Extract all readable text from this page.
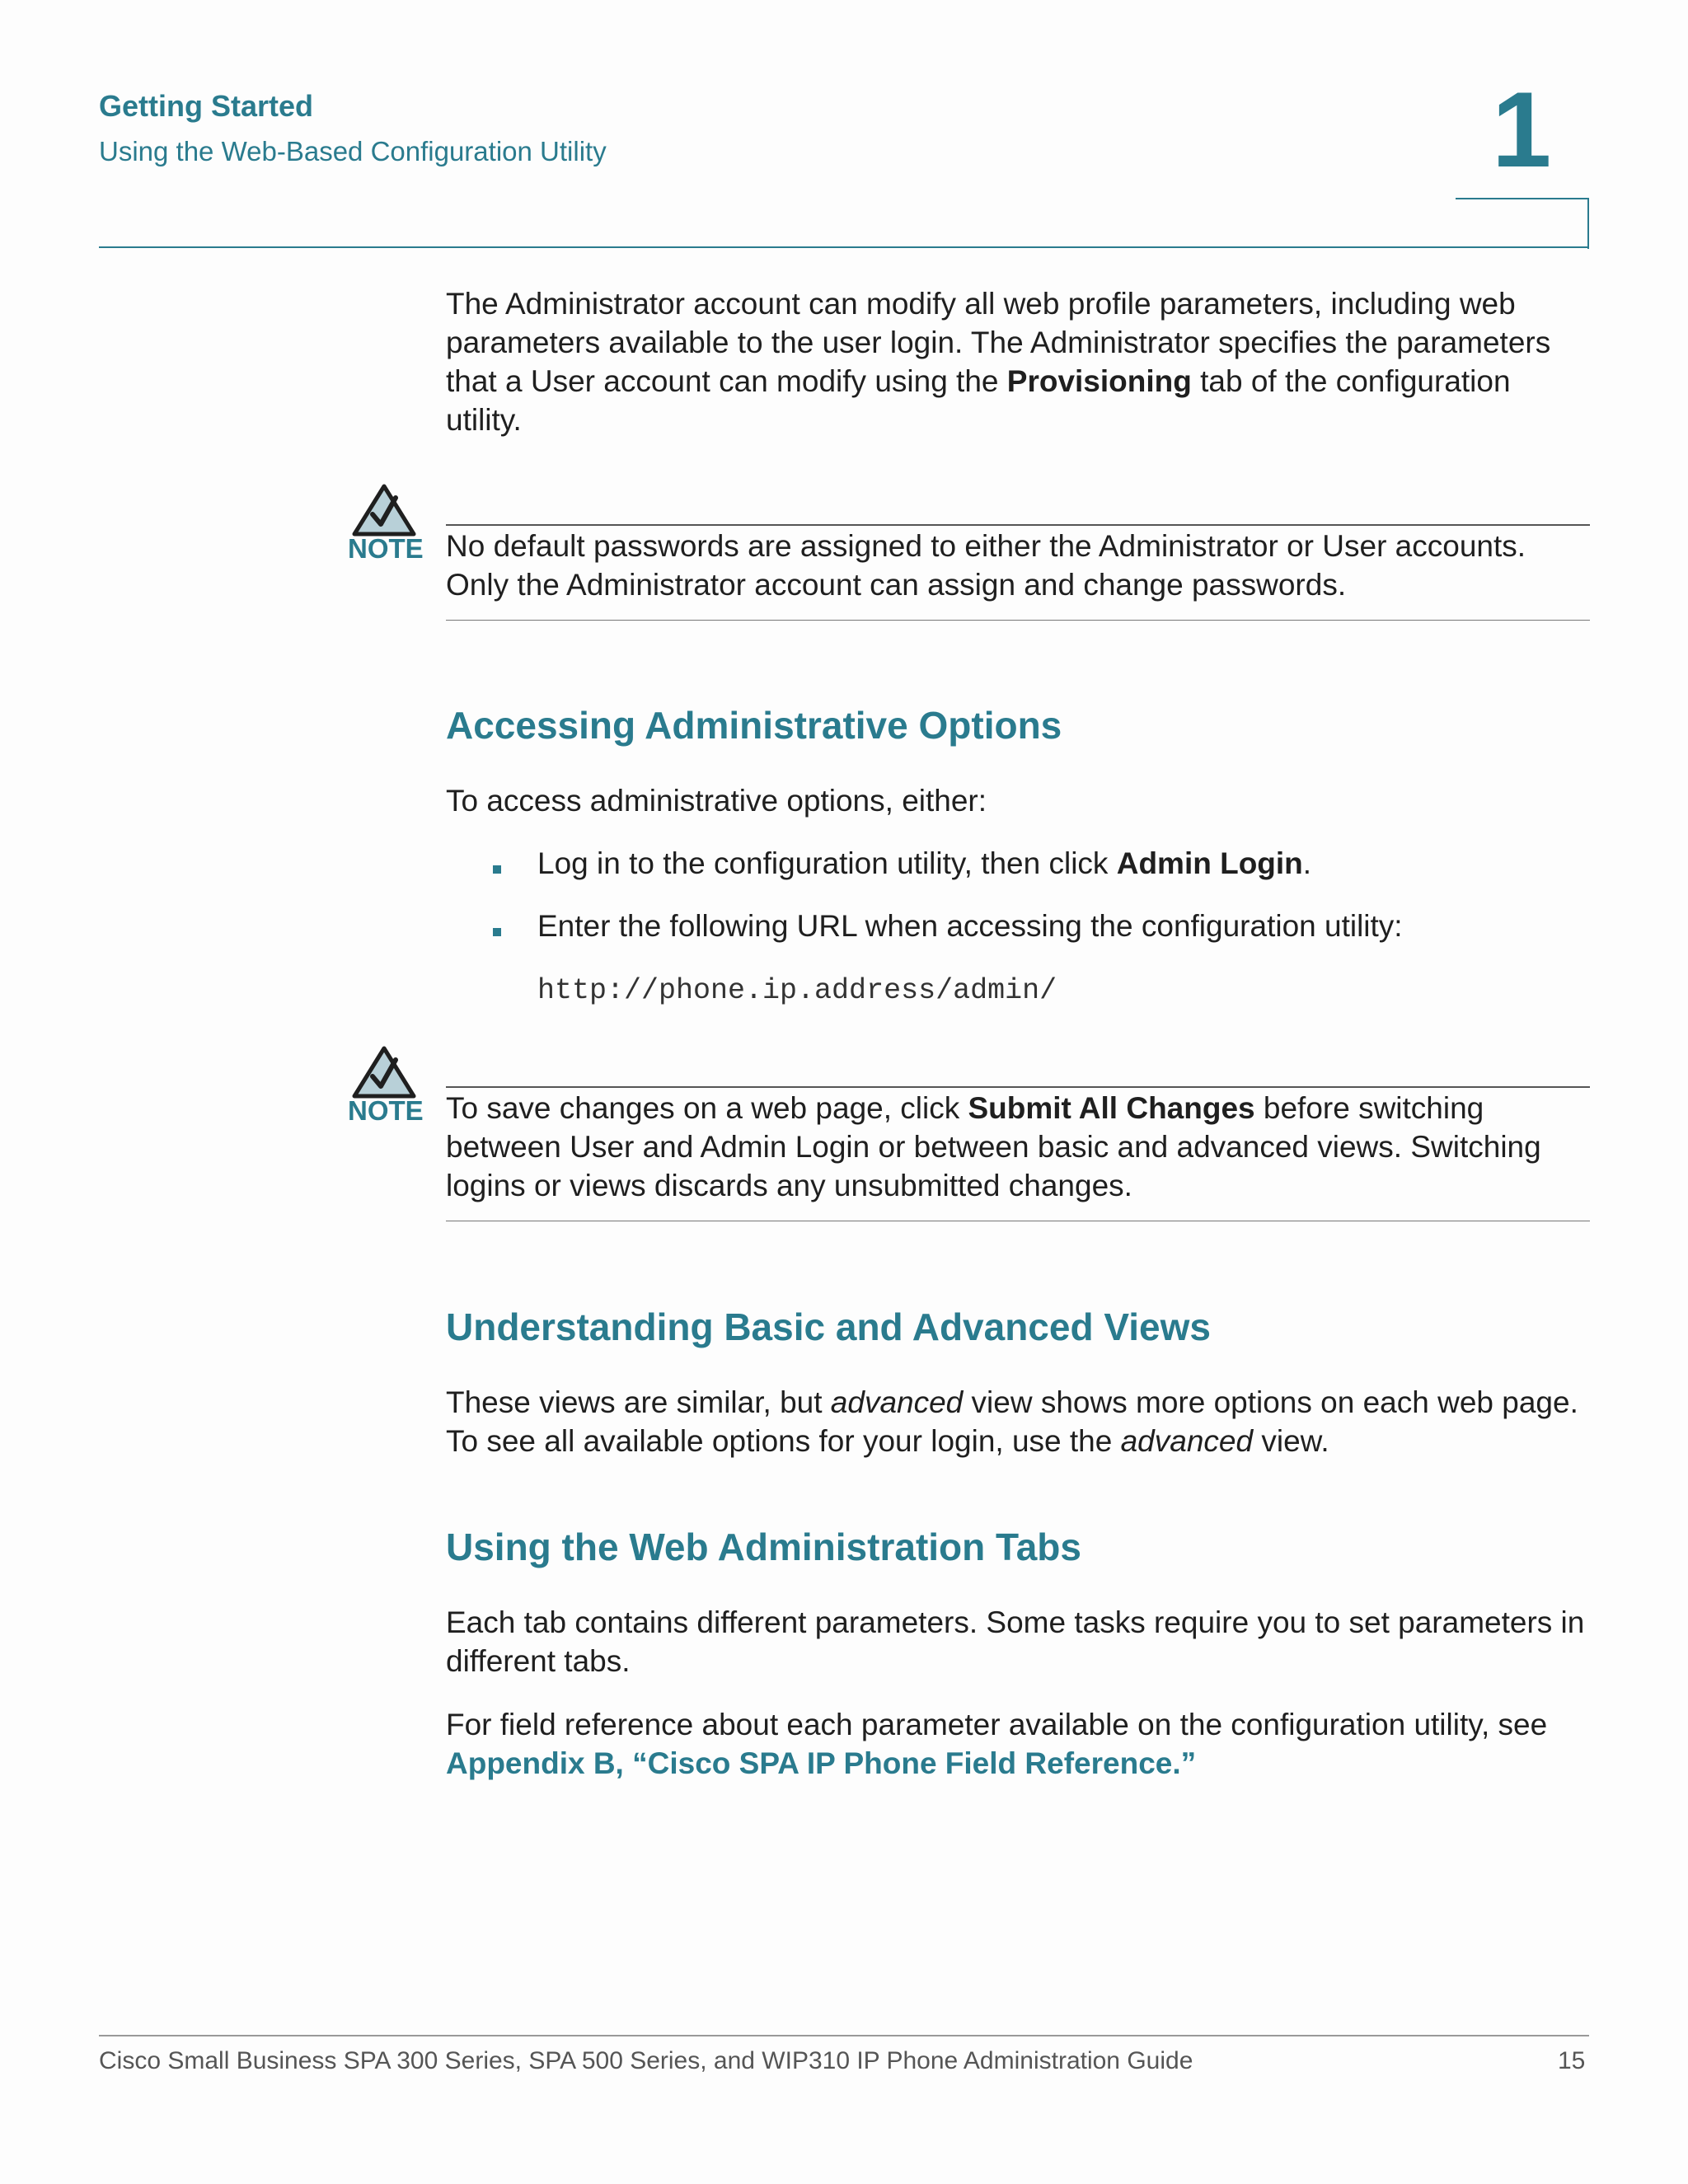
Getting Started
Using the Web-Based Configuration Utility	1
The Administrator account can modify all web profile parameters, including web parameters available to the user login. The Administrator specifies the parameters that a User account can modify using the Provisioning tab of the configuration utility.
NOTE No default passwords are assigned to either the Administrator or User accounts. Only the Administrator account can assign and change passwords.
Accessing Administrative Options
To access administrative options, either:
Log in to the configuration utility, then click Admin Login.
Enter the following URL when accessing the configuration utility:
http://phone.ip.address/admin/
NOTE To save changes on a web page, click Submit All Changes before switching between User and Admin Login or between basic and advanced views. Switching logins or views discards any unsubmitted changes.
Understanding Basic and Advanced Views
These views are similar, but advanced view shows more options on each web page. To see all available options for your login, use the advanced view.
Using the Web Administration Tabs
Each tab contains different parameters. Some tasks require you to set parameters in different tabs.
For field reference about each parameter available on the configuration utility, see Appendix B, “Cisco SPA IP Phone Field Reference.”
Cisco Small Business SPA 300 Series, SPA 500 Series, and WIP310 IP Phone Administration Guide	15
